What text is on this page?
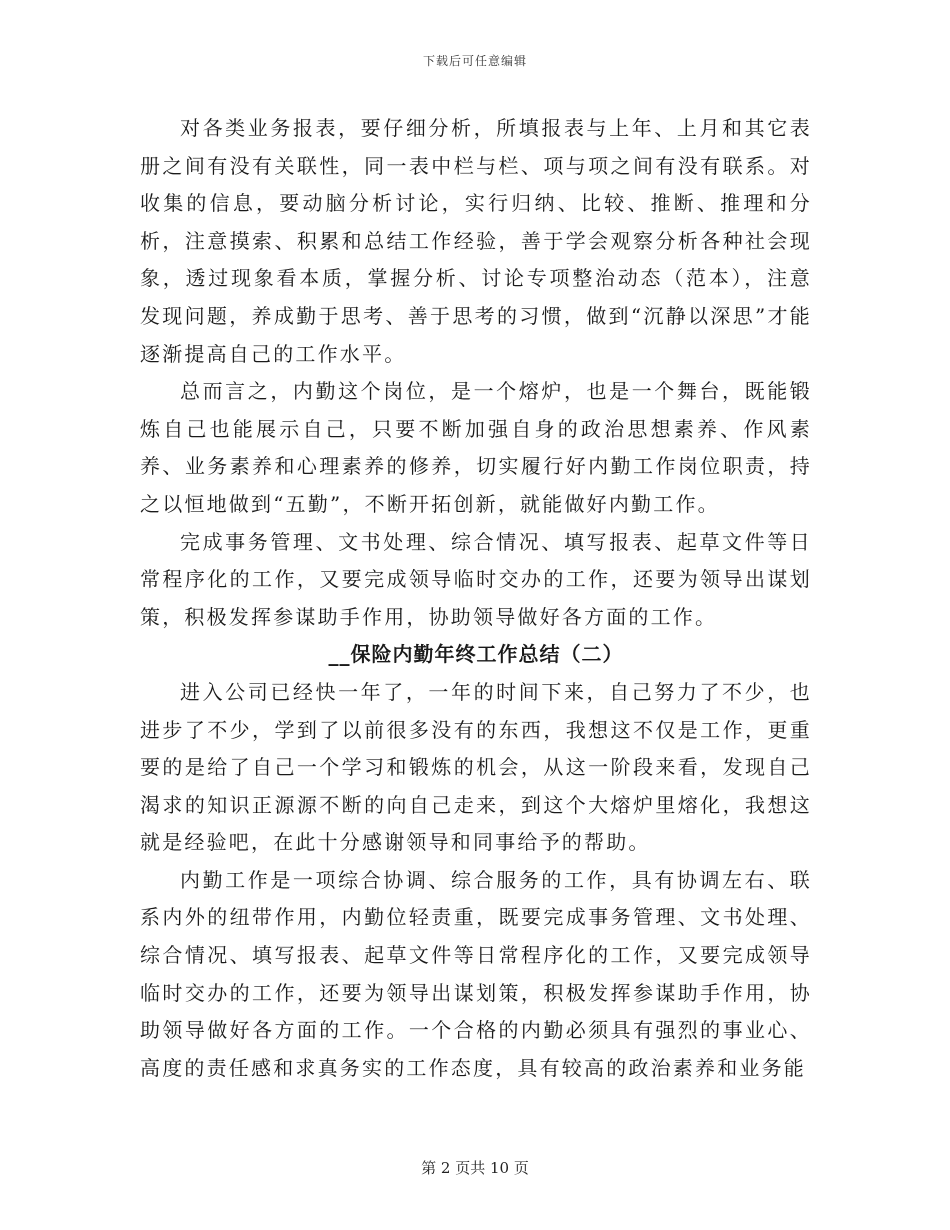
下载后可任意编辑

对各类业务报表，要仔细分析，所填报表与上年、上月和其它表册之间有没有关联性，同一表中栏与栏、项与项之间有没有联系。对收集的信息，要动脑分析讨论，实行归纳、比较、推断、推理和分析，注意摸索、积累和总结工作经验，善于学会观察分析各种社会现象，透过现象看本质，掌握分析、讨论专项整治动态（范本），注意发现问题，养成勤于思考、善于思考的习惯，做到“沉静以深思”才能逐渐提高自己的工作水平。

总而言之，内勤这个岗位，是一个熔炉，也是一个舞台，既能锻炼自己也能展示自己，只要不断加强自身的政治思想素养、作风素养、业务素养和心理素养的修养，切实履行好内勤工作岗位职责，持之以恒地做到“五勤”，不断开拓创新，就能做好内勤工作。

完成事务管理、文书处理、综合情况、填写报表、起草文件等日常程序化的工作，又要完成领导临时交办的工作，还要为领导出谋划策，积极发挥参谋助手作用，协助领导做好各方面的工作。

__保险内勤年终工作总结（二）

进入公司已经快一年了，一年的时间下来，自己努力了不少，也进步了不少，学到了以前很多没有的东西，我想这不仅是工作，更重要的是给了自己一个学习和锻炼的机会，从这一阶段来看，发现自己渴求的知识正源源不断的向自己走来，到这个大熔炉里熔化，我想这就是经验吧，在此十分感谢领导和同事给予的帮助。

内勤工作是一项综合协调、综合服务的工作，具有协调左右、联系内外的纽带作用，内勤位轻责重，既要完成事务管理、文书处理、综合情况、填写报表、起草文件等日常程序化的工作，又要完成领导临时交办的工作，还要为领导出谋划策，积极发挥参谋助手作用，协助领导做好各方面的工作。一个合格的内勤必须具有强烈的事业心、高度的责任感和求真务实的工作态度，具有较高的政治素养和业务能

第 2 页共 10 页
